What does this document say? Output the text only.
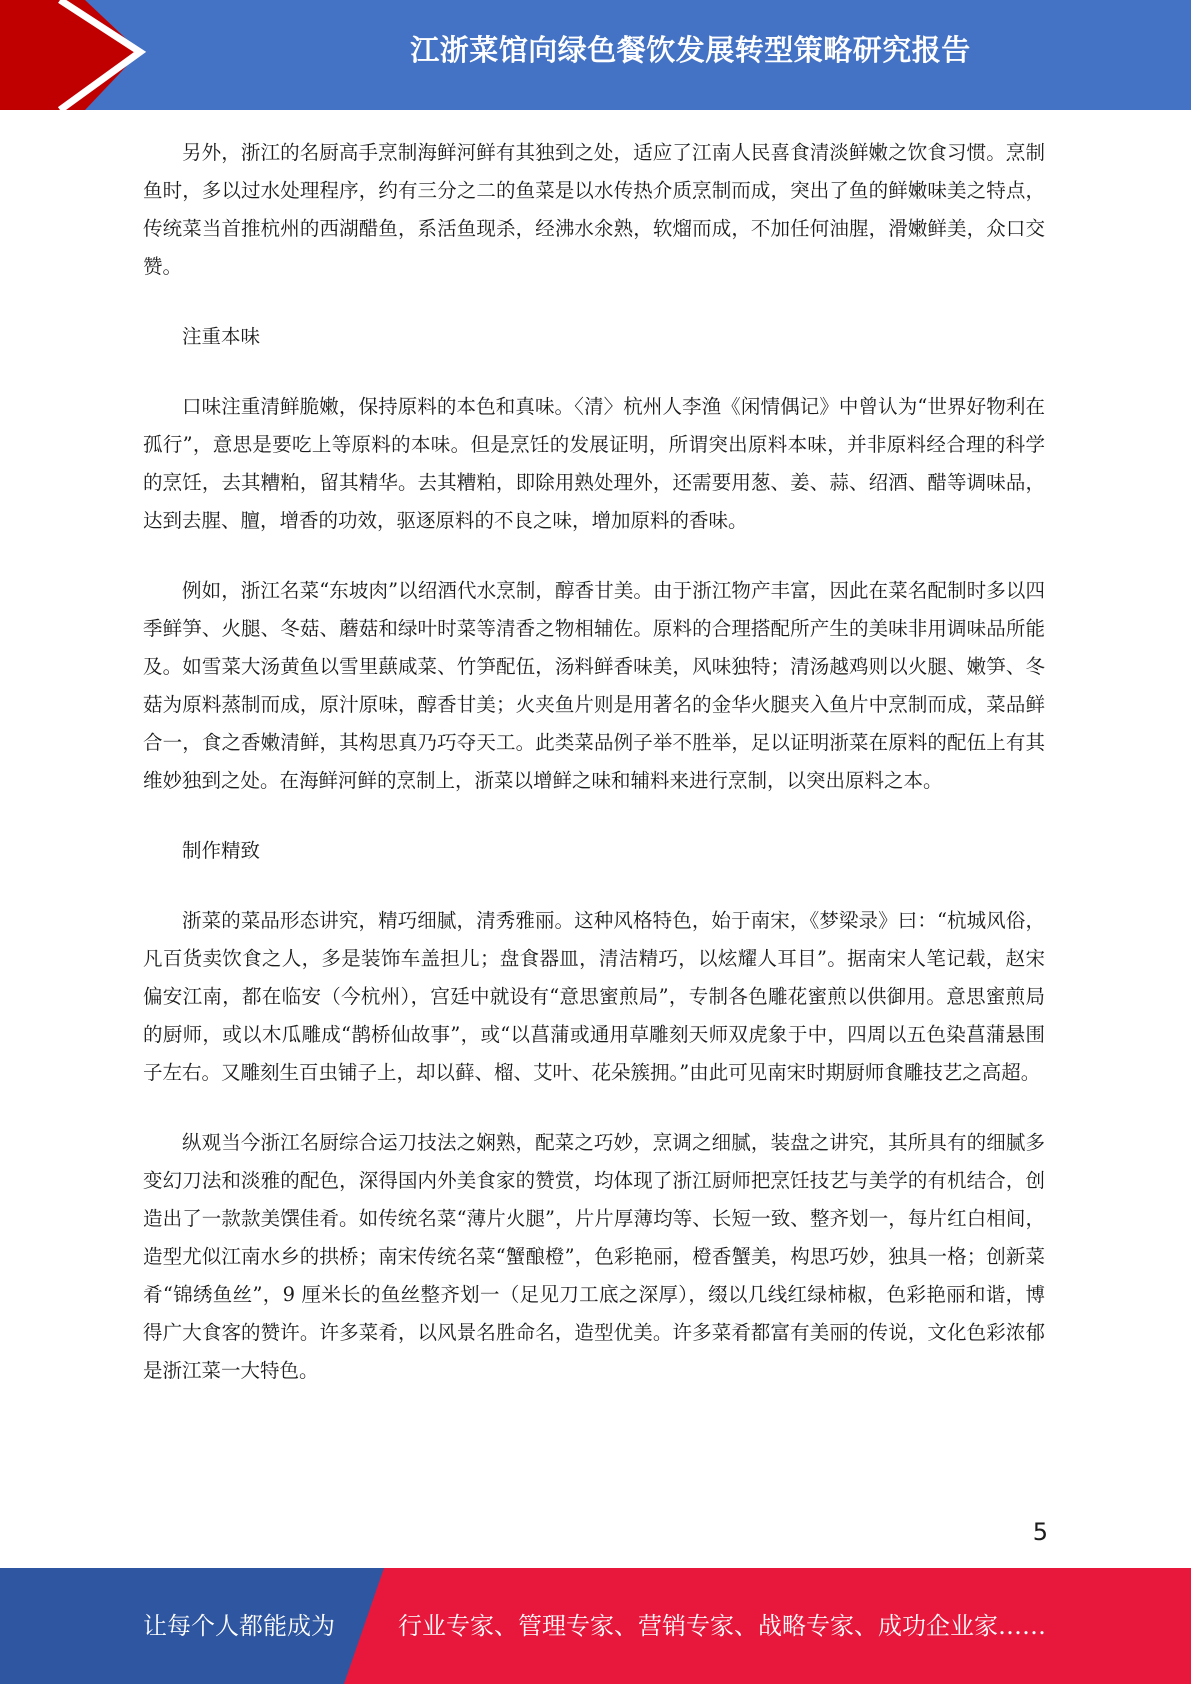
江浙菜馆向绿色餐饮发展转型策略研究报告

另外，浙江的名厨高手烹制海鲜河鲜有其独到之处，适应了江南人民喜食清淡鲜嫩之饮食习惯。烹制鱼时，多以过水处理程序，约有三分之二的鱼菜是以水传热介质烹制而成，突出了鱼的鲜嫩味美之特点，传统菜当首推杭州的西湖醋鱼，系活鱼现杀，经沸水氽熟，软熘而成，不加任何油腥，滑嫩鲜美，众口交赞。

注重本味

口味注重清鲜脆嫩，保持原料的本色和真味。〈清〉杭州人李渔《闲情偶记》中曾认为“世界好物利在孤行”，意思是要吃上等原料的本味。但是烹饪的发展证明，所谓突出原料本味，并非原料经合理的科学的烹饪，去其糟粕，留其精华。去其糟粕，即除用熟处理外，还需要用葱、姜、蒜、绍酒、醋等调味品，达到去腥、膻，增香的功效，驱逐原料的不良之味，增加原料的香味。

例如，浙江名菜“东坡肉”以绍酒代水烹制，醇香甘美。由于浙江物产丰富，因此在菜名配制时多以四季鲜笋、火腿、冬菇、蘑菇和绿叶时菜等清香之物相辅佐。原料的合理搭配所产生的美味非用调味品所能及。如雪菜大汤黄鱼以雪里蕻咸菜、竹笋配伍，汤料鲜香味美，风味独特；清汤越鸡则以火腿、嫩笋、冬菇为原料蒸制而成，原汁原味，醇香甘美；火夹鱼片则是用著名的金华火腿夹入鱼片中烹制而成，菜品鲜合一，食之香嫩清鲜，其构思真乃巧夺天工。此类菜品例子举不胜举，足以证明浙菜在原料的配伍上有其维妙独到之处。在海鲜河鲜的烹制上，浙菜以增鲜之味和辅料来进行烹制，以突出原料之本。

制作精致

浙菜的菜品形态讲究，精巧细腻，清秀雅丽。这种风格特色，始于南宋，《梦梁录》曰：“杭城风俗，凡百货卖饮食之人，多是装饰车盖担儿；盘食器皿，清洁精巧，以炫耀人耳目”。据南宋人笔记载，赵宋偏安江南，都在临安（今杭州），宫廷中就设有“意思蜜煎局”，专制各色雕花蜜煎以供御用。意思蜜煎局的厨师，或以木瓜雕成“鹊桥仙故事”，或“以菖蒲或通用草雕刻天师双虎象于中，四周以五色染菖蒲悬围子左右。又雕刻生百虫铺子上，却以藓、榴、艾叶、花朵簇拥。”由此可见南宋时期厨师食雕技艺之高超。

纵观当今浙江名厨综合运刀技法之娴熟，配菜之巧妙，烹调之细腻，装盘之讲究，其所具有的细腻多变幻刀法和淡雅的配色，深得国内外美食家的赞赏，均体现了浙江厨师把烹饪技艺与美学的有机结合，创造出了一款款美馔佳肴。如传统名菜“薄片火腿”，片片厚薄均等、长短一致、整齐划一，每片红白相间，造型尤似江南水乡的拱桥；南宋传统名菜“蟹酿橙”，色彩艳丽，橙香蟹美，构思巧妙，独具一格；创新菜肴“锦绣鱼丝”，9 厘米长的鱼丝整齐划一（足见刀工底之深厚），缀以几线红绿柿椒，色彩艳丽和谐，博得广大食客的赞许。许多菜肴，以风景名胜命名，造型优美。许多菜肴都富有美丽的传说，文化色彩浓郁是浙江菜一大特色。

5
让每个人都能成为	行业专家、管理专家、营销专家、战略专家、成功企业家……
